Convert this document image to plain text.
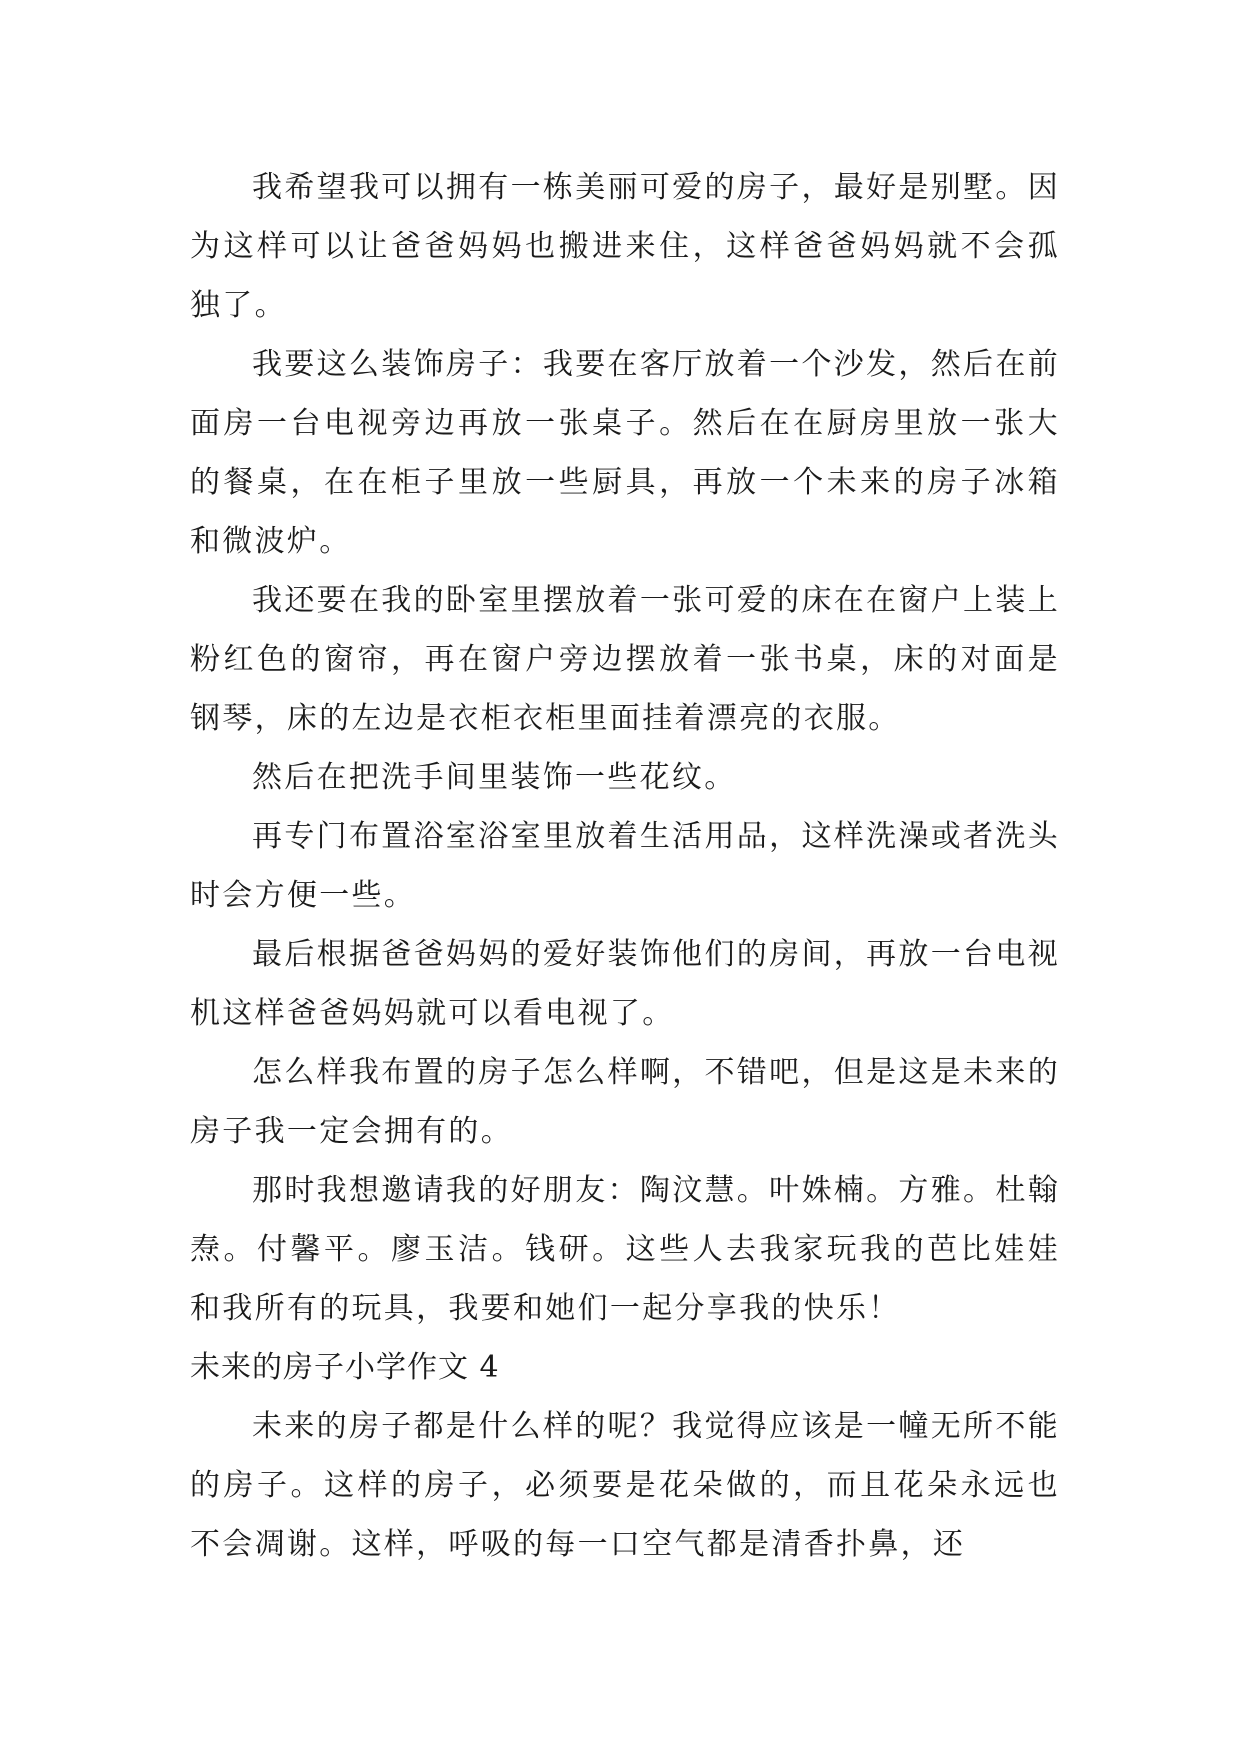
我希望我可以拥有一栋美丽可爱的房子，最好是别墅。因为这样可以让爸爸妈妈也搬进来住，这样爸爸妈妈就不会孤独了。

我要这么装饰房子：我要在客厅放着一个沙发，然后在前面房一台电视旁边再放一张桌子。然后在在厨房里放一张大的餐桌，在在柜子里放一些厨具，再放一个未来的房子冰箱和微波炉。

我还要在我的卧室里摆放着一张可爱的床在在窗户上装上粉红色的窗帘，再在窗户旁边摆放着一张书桌，床的对面是钢琴，床的左边是衣柜衣柜里面挂着漂亮的衣服。

然后在把洗手间里装饰一些花纹。

再专门布置浴室浴室里放着生活用品，这样洗澡或者洗头时会方便一些。

最后根据爸爸妈妈的爱好装饰他们的房间，再放一台电视机这样爸爸妈妈就可以看电视了。

怎么样我布置的房子怎么样啊，不错吧，但是这是未来的房子我一定会拥有的。

那时我想邀请我的好朋友：陶汶慧。叶姝楠。方雅。杜翰焘。付馨平。廖玉洁。钱研。这些人去我家玩我的芭比娃娃和我所有的玩具，我要和她们一起分享我的快乐！

未来的房子小学作文 4

未来的房子都是什么样的呢？我觉得应该是一幢无所不能的房子。这样的房子，必须要是花朵做的，而且花朵永远也不会凋谢。这样，呼吸的每一口空气都是清香扑鼻，还
